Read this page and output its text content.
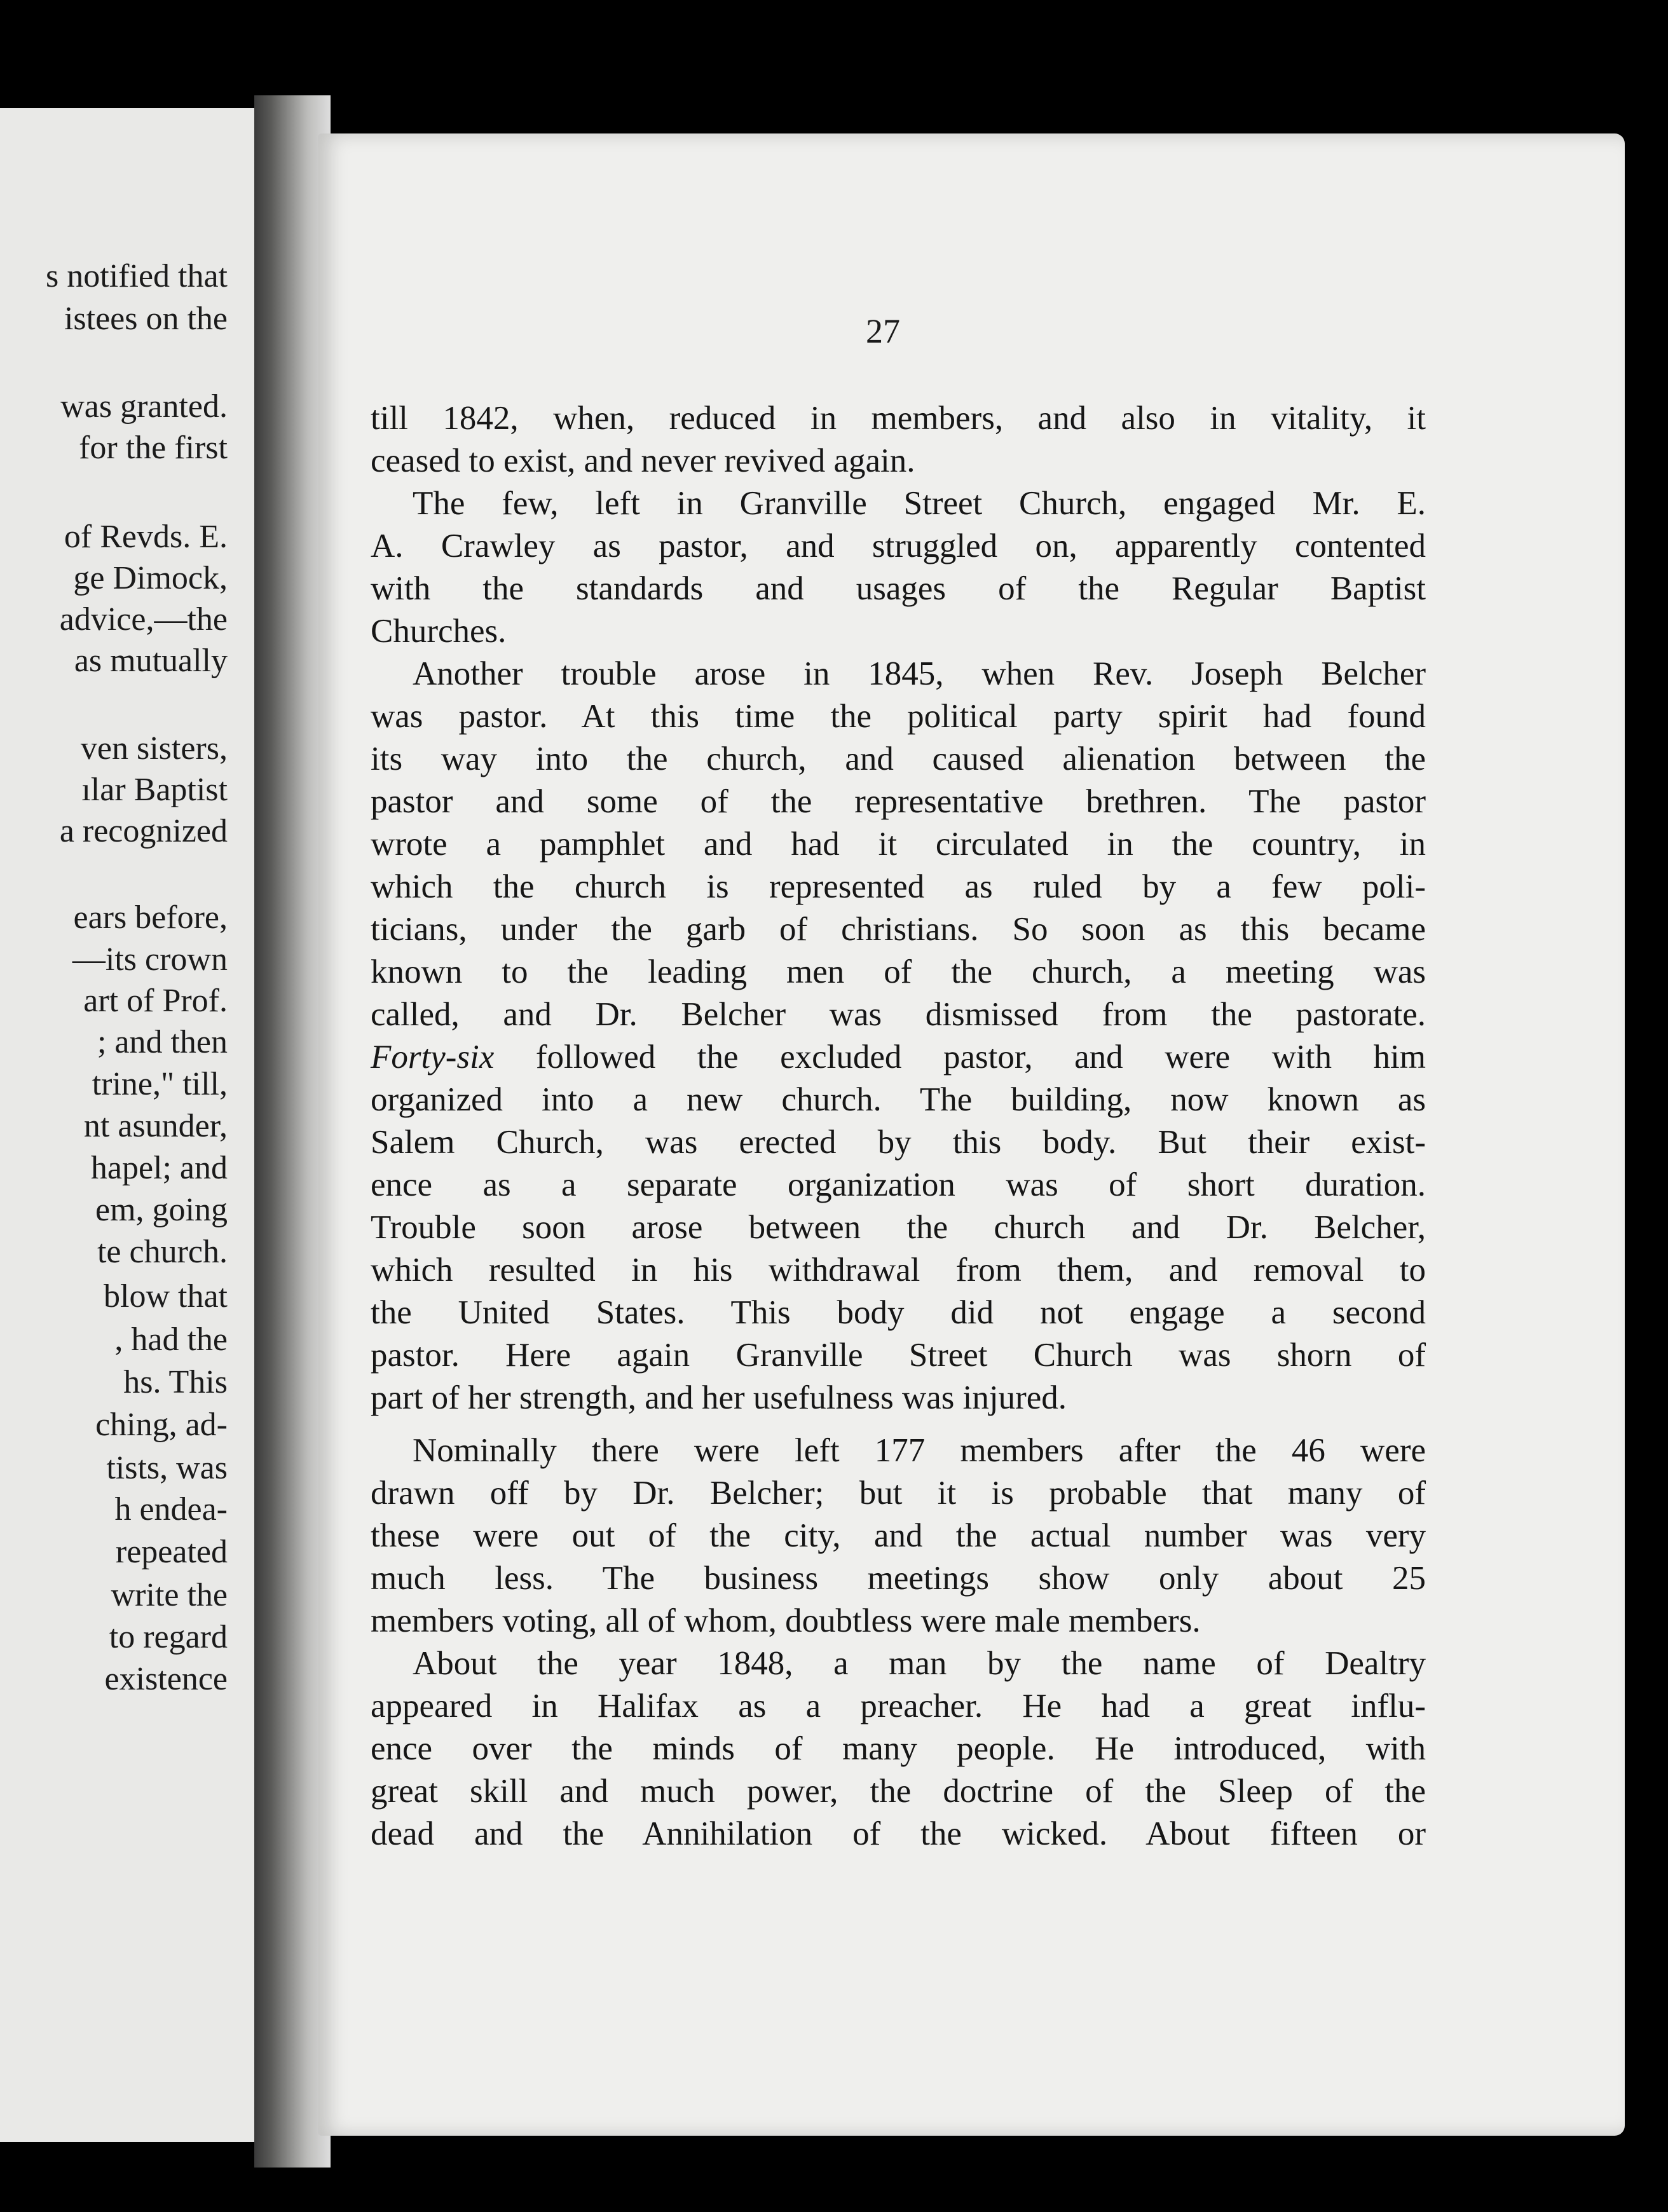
s notified that
istees on the
was granted.
for the first
of Revds. E.
ge Dimock,
advice,—the
as mutually
ven sisters,
ılar Baptist
a recognized
ears before,
—its crown
art of Prof.
; and then
trine," till,
nt asunder,
hapel; and
em, going
te church.
blow that
, had the
hs. This
ching, ad-
tists, was
h endea-
repeated
write the
to regard
existence
27
till 1842, when, reduced in members, and also in vitality, it
ceased to exist, and never revived again.
The few, left in Granville Street Church, engaged Mr. E.
A. Crawley as pastor, and struggled on, apparently contented
with the standards and usages of the Regular Baptist
Churches.
Another trouble arose in 1845, when Rev. Joseph Belcher
was pastor. At this time the political party spirit had found
its way into the church, and caused alienation between the
pastor and some of the representative brethren. The pastor
wrote a pamphlet and had it circulated in the country, in
which the church is represented as ruled by a few poli-
ticians, under the garb of christians. So soon as this became
known to the leading men of the church, a meeting was
called, and Dr. Belcher was dismissed from the pastorate.
Forty-six followed the excluded pastor, and were with him
organized into a new church. The building, now known as
Salem Church, was erected by this body. But their exist-
ence as a separate organization was of short duration.
Trouble soon arose between the church and Dr. Belcher,
which resulted in his withdrawal from them, and removal to
the United States. This body did not engage a second
pastor. Here again Granville Street Church was shorn of
part of her strength, and her usefulness was injured.
Nominally there were left 177 members after the 46 were
drawn off by Dr. Belcher; but it is probable that many of
these were out of the city, and the actual number was very
much less. The business meetings show only about 25
members voting, all of whom, doubtless were male members.
About the year 1848, a man by the name of Dealtry
appeared in Halifax as a preacher. He had a great influ-
ence over the minds of many people. He introduced, with
great skill and much power, the doctrine of the Sleep of the
dead and the Annihilation of the wicked. About fifteen or
